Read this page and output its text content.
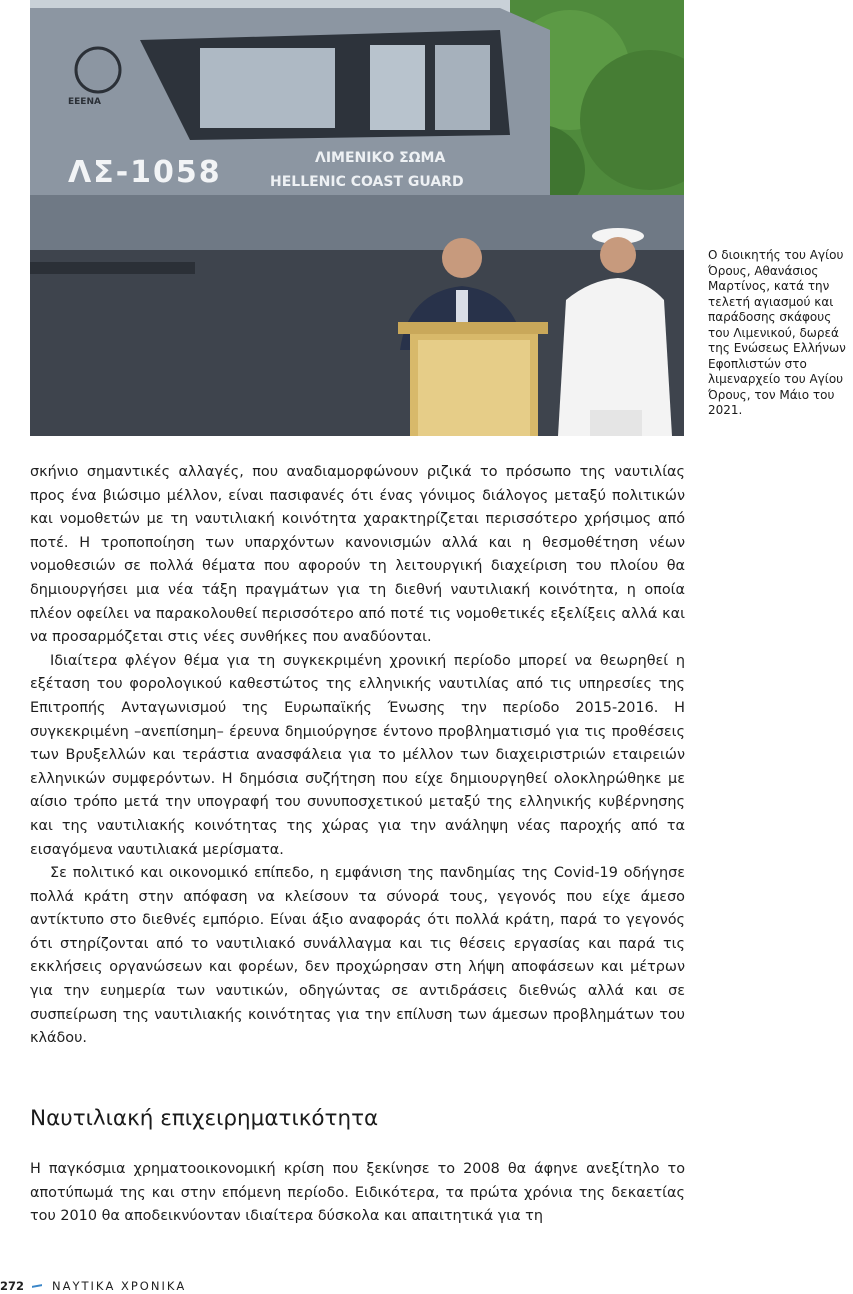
ΕΕΕΝΑ
ΛΣ-1058	ΛΙΜΕΝΙΚΟ ΣΩΜΑ
HELLENIC COAST GUARD
Ο διοικητής του Αγίου Όρους, Αθανάσιος Μαρτίνος, κατά την τελετή αγιασμού και παράδοσης σκάφους του Λιμενικού, δωρεά της Ενώσεως Ελλήνων Εφοπλιστών στο λιμεναρχείο του Αγίου Όρους, τον Μάιο του 2021.

σκήνιο σημαντικές αλλαγές, που αναδιαμορφώνουν ριζικά το πρόσωπο της ναυτιλίας προς ένα βιώσιμο μέλλον, είναι πασιφανές ότι ένας γόνιμος διάλογος μεταξύ πολιτικών και νομοθετών με τη ναυτιλιακή κοινότητα χαρακτηρίζεται περισσότερο χρήσιμος από ποτέ. Η τροποποίηση των υπαρχόντων κανονισμών αλλά και η θεσμοθέτηση νέων νομοθεσιών σε πολλά θέματα που αφορούν τη λειτουργική διαχείριση του πλοίου θα δημιουργήσει μια νέα τάξη πραγμάτων για τη διεθνή ναυτιλιακή κοινότητα, η οποία πλέον οφείλει να παρακολουθεί περισσότερο από ποτέ τις νομοθετικές εξελίξεις αλλά και να προσαρμόζεται στις νέες συνθήκες που αναδύονται.

Ιδιαίτερα φλέγον θέμα για τη συγκεκριμένη χρονική περίοδο μπορεί να θεωρηθεί η εξέταση του φορολογικού καθεστώτος της ελληνικής ναυτιλίας από τις υπηρεσίες της Επιτροπής Ανταγωνισμού της Ευρωπαϊκής Ένωσης την περίοδο 2015-2016. Η συγκεκριμένη –ανεπίσημη– έρευνα δημιούργησε έντονο προβληματισμό για τις προθέσεις των Βρυξελλών και τεράστια ανασφάλεια για το μέλλον των διαχειριστριών εταιρειών ελληνικών συμφερόντων. Η δημόσια συζήτηση που είχε δημιουργηθεί ολοκληρώθηκε με αίσιο τρόπο μετά την υπογραφή του συνυποσχετικού μεταξύ της ελληνικής κυβέρνησης και της ναυτιλιακής κοινότητας της χώρας για την ανάληψη νέας παροχής από τα εισαγόμενα ναυτιλιακά μερίσματα.

Σε πολιτικό και οικονομικό επίπεδο, η εμφάνιση της πανδημίας της Covid-19 οδήγησε πολλά κράτη στην απόφαση να κλείσουν τα σύνορά τους, γεγονός που είχε άμεσο αντίκτυπο στο διεθνές εμπόριο. Είναι άξιο αναφοράς ότι πολλά κράτη, παρά το γεγονός ότι στηρίζονται από το ναυτιλιακό συνάλλαγμα και τις θέσεις εργασίας και παρά τις εκκλήσεις οργανώσεων και φορέων, δεν προχώρησαν στη λήψη αποφάσεων και μέτρων για την ευημερία των ναυτικών, οδηγώντας σε αντιδράσεις διεθνώς αλλά και σε συσπείρωση της ναυτιλιακής κοινότητας για την επίλυση των άμεσων προβλημάτων του κλάδου.

Ναυτιλιακή επιχειρηματικότητα

Η παγκόσμια χρηματοοικονομική κρίση που ξεκίνησε το 2008 θα άφηνε ανεξίτηλο το αποτύπωμά της και στην επόμενη περίοδο. Ειδικότερα, τα πρώτα χρόνια της δεκαετίας του 2010 θα αποδεικνύονταν ιδιαίτερα δύσκολα και απαιτητικά για τη

272 ΝΑΥΤΙΚΑ ΧΡΟΝΙΚΑ
